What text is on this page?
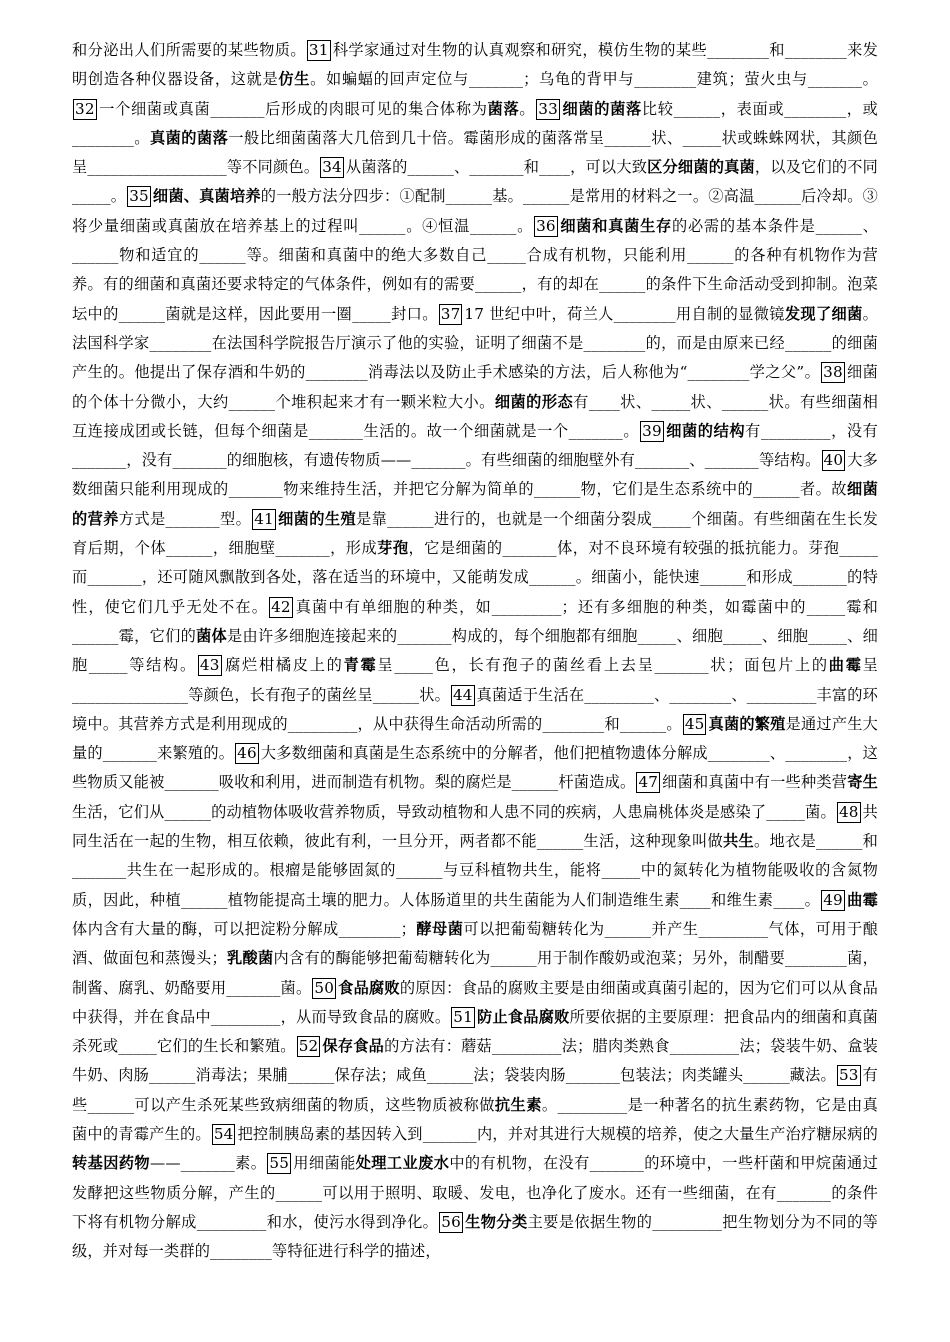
和分泌出人们所需要的某些物质。 31 科学家通过对生物的认真观察和研究，模仿生物的某些________和________来发明创造各种仪器设备，这就是仿生。如蝙蝠的回声定位与_______；乌龟的背甲与________建筑；萤火虫与_______。32 一个细菌或真菌_______后形成的肉眼可见的集合体称为菌落。 33 细菌的菌落比较______，表面或________，或________。真菌的菌落一般比细菌菌落大几倍到几十倍。霉菌形成的菌落常呈______状、_____状或蛛蛛网状，其颜色呈__________________等不同颜色。 34 从菌落的______、_______和____，可以大致区分细菌的真菌，以及它们的不同_____。 35 细菌、真菌培养的一般方法分四步：①配制______基。______是常用的材料之一。②高温______后冷却。③将少量细菌或真菌放在培养基上的过程叫______。④恒温______。 36 细菌和真菌生存的必需的基本条件是______、______物和适宜的______等。细菌和真菌中的绝大多数自己_____合成有机物，只能利用______的各种有机物作为营养。有的细菌和真菌还要求特定的气体条件，例如有的需要______，有的却在______的条件下生命活动受到抑制。泡菜坛中的______菌就是这样，因此要用一圈_____封口。 37 17 世纪中叶，荷兰人________用自制的显微镜发现了细菌。法国科学家________在法国科学院报告厅演示了他的实验，证明了细菌不是________的，而是由原来已经______的细菌产生的。他提出了保存酒和牛奶的________消毒法以及防止手术感染的方法，后人称他为“________学之父”。 38 细菌的个体十分微小，大约______个堆积起来才有一颗米粒大小。细菌的形态有____状、_____状、______状。有些细菌相互连接成团或长链，但每个细菌是_______生活的。故一个细菌就是一个_______。 39 细菌的结构有_________，没有_______，没有_______的细胞核，有遗传物质——_______。有些细菌的细胞壁外有_______、_______等结构。 40 大多数细菌只能利用现成的_______物来维持生活，并把它分解为简单的______物，它们是生态系统中的______者。故细菌的营养方式是_______型。 41 细菌的生殖是靠______进行的，也就是一个细菌分裂成_____个细菌。有些细菌在生长发育后期，个体______，细胞壁_______，形成芽孢，它是细菌的_______体，对不良环境有较强的抵抗能力。芽孢_____而_______，还可随风飘散到各处，落在适当的环境中，又能萌发成______。细菌小，能快速______和形成_______的特性，使它们几乎无处不在。 42 真菌中有单细胞的种类，如_________；还有多细胞的种类，如霉菌中的_____霉和______霉，它们的菌体是由许多细胞连接起来的_______构成的，每个细胞都有细胞_____、细胞_____、细胞_____、细胞_____等结构。 43 腐烂柑橘皮上的青霉呈_____色，长有孢子的菌丝看上去呈_______状；面包片上的曲霉呈_______________等颜色，长有孢子的菌丝呈______状。 44 真菌适于生活在_________、________、_________丰富的环境中。其营养方式是利用现成的_________，从中获得生命活动所需的________和______。 45 真菌的繁殖是通过产生大量的_______来繁殖的。 46 大多数细菌和真菌是生态系统中的分解者，他们把植物遗体分解成________、________，这些物质又能被_______吸收和利用，进而制造有机物。梨的腐烂是______杆菌造成。 47 细菌和真菌中有一些种类营寄生生活，它们从______的动植物体吸收营养物质，导致动植物和人患不同的疾病，人患扁桃体炎是感染了_____菌。 48 共同生活在一起的生物，相互依赖，彼此有利，一旦分开，两者都不能______生活，这种现象叫做共生。地衣是______和_______共生在一起形成的。根瘤是能够固氮的______与豆科植物共生，能将_____中的氮转化为植物能吸收的含氮物质，因此，种植______植物能提高土壤的肥力。人体肠道里的共生菌能为人们制造维生素____和维生素____。 49 曲霉体内含有大量的酶，可以把淀粉分解成________；酵母菌可以把葡萄糖转化为______并产生_________气体，可用于酿酒、做面包和蒸馒头；乳酸菌内含有的酶能够把葡萄糖转化为______用于制作酸奶或泡菜；另外，制醋要________菌，制酱、腐乳、奶酪要用_______菌。 50 食品腐败的原因：食品的腐败主要是由细菌或真菌引起的，因为它们可以从食品中获得，并在食品中_________，从而导致食品的腐败。 51 防止食品腐败所要依据的主要原理：把食品内的细菌和真菌杀死或_____它们的生长和繁殖。 52 保存食品的方法有：蘑菇_________法；腊肉类熟食_________法；袋装牛奶、盒装牛奶、肉肠______消毒法；果脯______保存法；咸鱼______法；袋装肉肠_______包装法；肉类罐头______藏法。 53 有些______可以产生杀死某些致病细菌的物质，这些物质被称做抗生素。_________是一种著名的抗生素药物，它是由真菌中的青霉产生的。 54 把控制胰岛素的基因转入到_______内，并对其进行大规模的培养，使之大量生产治疗糖尿病的转基因药物——_______素。 55 用细菌能处理工业废水中的有机物，在没有_______的环境中，一些杆菌和甲烷菌通过发酵把这些物质分解，产生的______可以用于照明、取暖、发电，也净化了废水。还有一些细菌，在有_______的条件下将有机物分解成_________和水，使污水得到净化。 56 生物分类主要是依据生物的_________把生物划分为不同的等级，并对每一类群的________等特征进行科学的描述，
